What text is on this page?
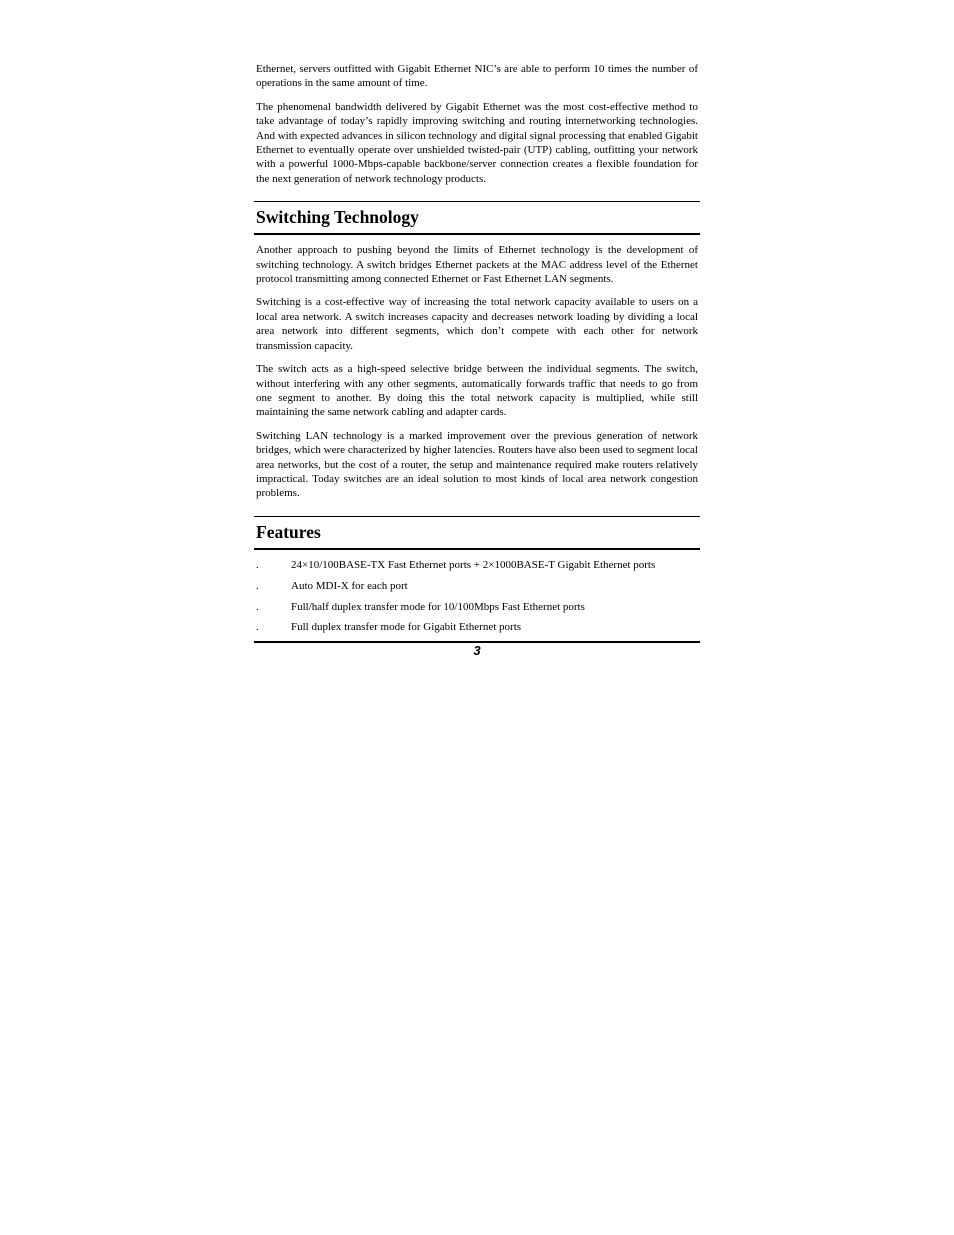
Ethernet, servers outfitted with Gigabit Ethernet NIC’s are able to perform 10 times the number of operations in the same amount of time.

The phenomenal bandwidth delivered by Gigabit Ethernet was the most cost-effective method to take advantage of today’s rapidly improving switching and routing internetworking technologies. And with expected advances in silicon technology and digital signal processing that enabled Gigabit Ethernet to eventually operate over unshielded twisted-pair (UTP) cabling, outfitting your network with a powerful 1000-Mbps-capable backbone/server connection creates a flexible foundation for the next generation of network technology products.

Switching Technology

Another approach to pushing beyond the limits of Ethernet technology is the development of switching technology. A switch bridges Ethernet packets at the MAC address level of the Ethernet protocol transmitting among connected Ethernet or Fast Ethernet LAN segments.

Switching is a cost-effective way of increasing the total network capacity available to users on a local area network. A switch increases capacity and decreases network loading by dividing a local area network into different segments, which don’t compete with each other for network transmission capacity.

The switch acts as a high-speed selective bridge between the individual segments. The switch, without interfering with any other segments, automatically forwards traffic that needs to go from one segment to another. By doing this the total network capacity is multiplied, while still maintaining the same network cabling and adapter cards.

Switching LAN technology is a marked improvement over the previous generation of network bridges, which were characterized by higher latencies. Routers have also been used to segment local area networks, but the cost of a router, the setup and maintenance required make routers relatively impractical. Today switches are an ideal solution to most kinds of local area network congestion problems.

Features
.	24×10/100BASE-TX Fast Ethernet ports + 2×1000BASE-T Gigabit Ethernet ports
.	Auto MDI-X for each port
.	Full/half duplex transfer mode for 10/100Mbps Fast Ethernet ports
.	Full duplex transfer mode for Gigabit Ethernet ports
3
